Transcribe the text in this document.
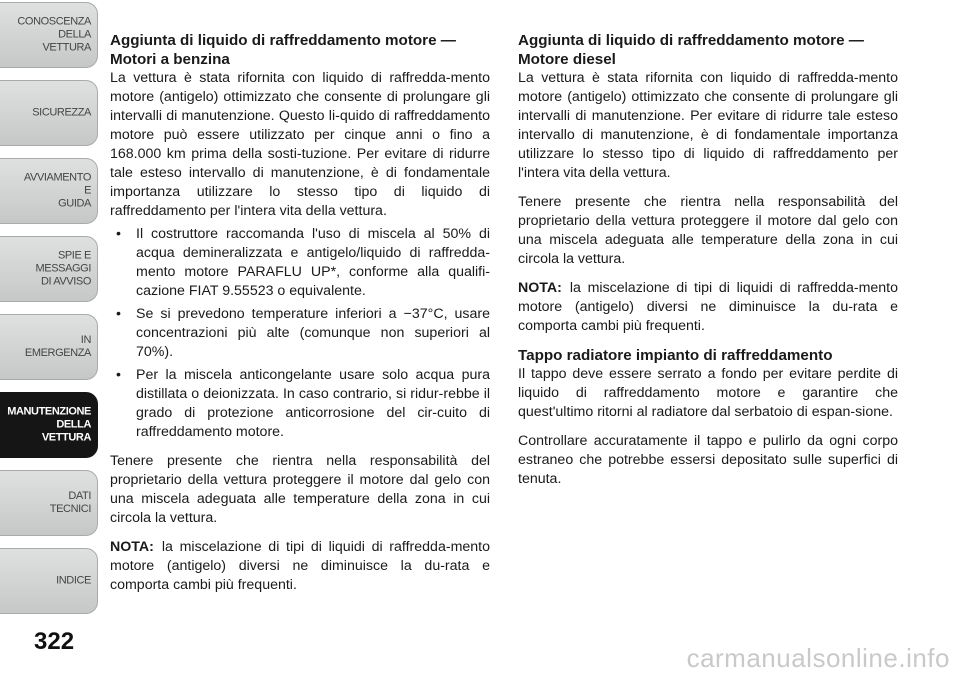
CONOSCENZA
DELLA
VETTURA
SICUREZZA
AVVIAMENTO
E
GUIDA
SPIE E
MESSAGGI
DI AVVISO
IN
EMERGENZA
MANUTENZIONE
DELLA
VETTURA
DATI
TECNICI
INDICE
322

Aggiunta di liquido di raffreddamento motore — Motori a benzina

La vettura è stata rifornita con liquido di raffredda-mento motore (antigelo) ottimizzato che consente di prolungare gli intervalli di manutenzione. Questo li-quido di raffreddamento motore può essere utilizzato per cinque anni o fino a 168.000 km prima della sosti-tuzione. Per evitare di ridurre tale esteso intervallo di manutenzione, è di fondamentale importanza utilizzare lo stesso tipo di liquido di raffreddamento per l'intera vita della vettura.

• Il costruttore raccomanda l'uso di miscela al 50% di acqua demineralizzata e antigelo/liquido di raffredda-mento motore PARAFLU UP*, conforme alla qualifi-cazione FIAT 9.55523 o equivalente.
• Se si prevedono temperature inferiori a −37°C, usare concentrazioni più alte (comunque non superiori al 70%).
• Per la miscela anticongelante usare solo acqua pura distillata o deionizzata. In caso contrario, si ridur-rebbe il grado di protezione anticorrosione del cir-cuito di raffreddamento motore.

Tenere presente che rientra nella responsabilità del proprietario della vettura proteggere il motore dal gelo con una miscela adeguata alle temperature della zona in cui circola la vettura.

NOTA: la miscelazione di tipi di liquidi di raffredda-mento motore (antigelo) diversi ne diminuisce la du-rata e comporta cambi più frequenti.

Aggiunta di liquido di raffreddamento motore — Motore diesel

La vettura è stata rifornita con liquido di raffredda-mento motore (antigelo) ottimizzato che consente di prolungare gli intervalli di manutenzione. Per evitare di ridurre tale esteso intervallo di manutenzione, è di fondamentale importanza utilizzare lo stesso tipo di liquido di raffreddamento per l'intera vita della vettura.

Tenere presente che rientra nella responsabilità del proprietario della vettura proteggere il motore dal gelo con una miscela adeguata alle temperature della zona in cui circola la vettura.

NOTA: la miscelazione di tipi di liquidi di raffredda-mento motore (antigelo) diversi ne diminuisce la du-rata e comporta cambi più frequenti.

Tappo radiatore impianto di raffreddamento

Il tappo deve essere serrato a fondo per evitare perdite di liquido di raffreddamento motore e garantire che quest'ultimo ritorni al radiatore dal serbatoio di espan-sione.

Controllare accuratamente il tappo e pulirlo da ogni corpo estraneo che potrebbe essersi depositato sulle superfici di tenuta.

carmanualsonline.info
